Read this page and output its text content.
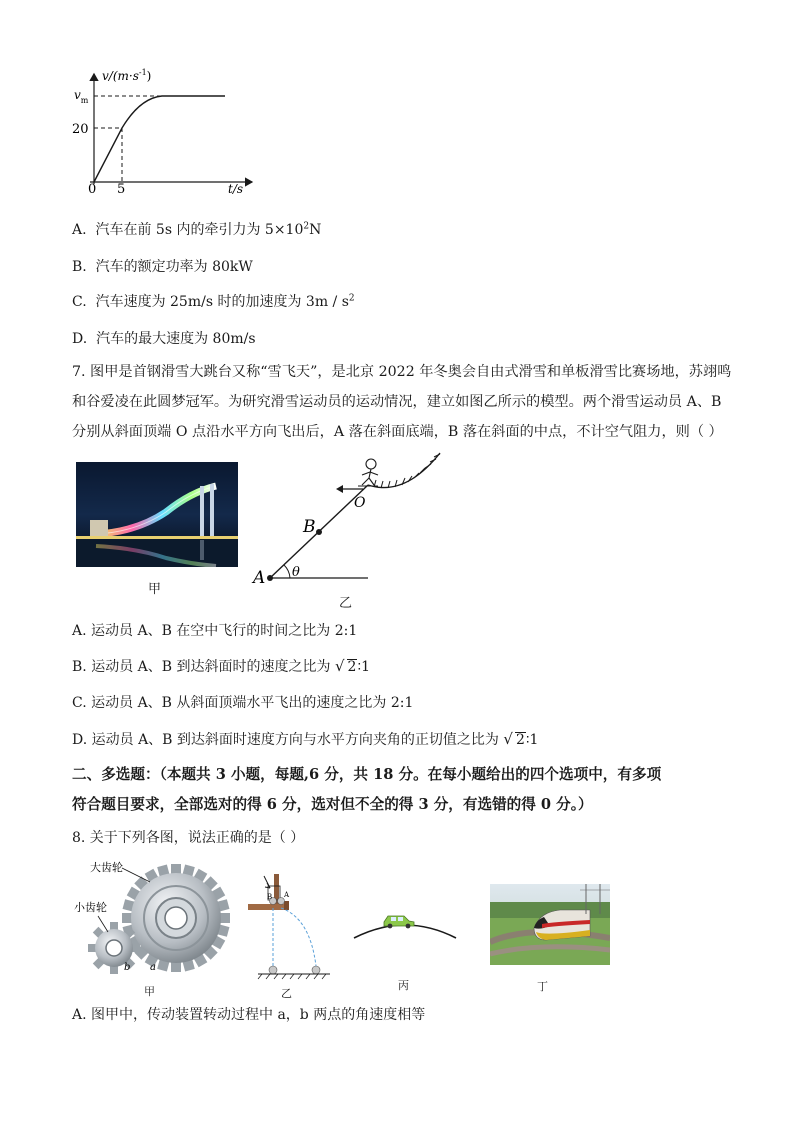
$v/(m\cdot s^{-1})$
$v_m$
20
0 5	t/s
A. 汽车在前 5s 内的牵引力为 $5\times 10^2N$
B. 汽车的额定功率为 80kW
C. 汽车速度为 25m/s 时的加速度为 $3m / s^2$
D. 汽车的最大速度为 80m/s
7. 图甲是首钢滑雪大跳台又称“雪飞天”，是北京 2022 年冬奥会自由式滑雪和单板滑雪比赛场地，苏翊鸣
和谷爱凌在此圆梦冠军。为研究滑雪运动员的运动情况，建立如图乙所示的模型。两个滑雪运动员 A、B
分别从斜面顶端 O 点沿水平方向飞出后，A 落在斜面底端，B 落在斜面的中点，不计空气阻力，则（ ）
甲
O
B
A θ
乙
A. 运动员 A、B 在空中飞行的时间之比为 2:1
B. 运动员 A、B 到达斜面时的速度之比为 √ 2∶1
C. 运动员 A、B 从斜面顶端水平飞出的速度之比为 2:1
D. 运动员 A、B 到达斜面时速度方向与水平方向夹角的正切值之比为 √ 2∶1
二、多选题：（本题共 3 小题，每题,6 分，共 18 分。在每小题给出的四个选项中，有多项
符合题目要求，全部选对的得 6 分，选对但不全的得 3 分，有选错的得 0 分。）
8. 关于下列各图，说法正确的是（ ）
大齿轮
小齿轮
b a
甲
B A
乙
丙	丁
A. 图甲中，传动装置转动过程中 a，b 两点的角速度相等
